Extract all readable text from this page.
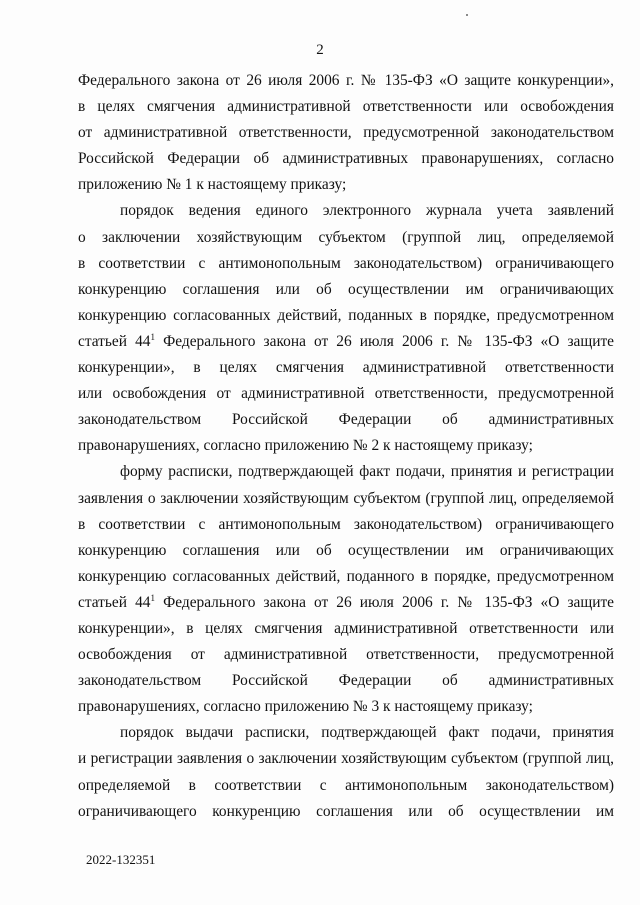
2
Федерального закона от 26 июля 2006 г. № 135-ФЗ «О защите конкуренции»,
в целях смягчения административной ответственности или освобождения
от административной ответственности, предусмотренной законодательством
Российской Федерации об административных правонарушениях, согласно
приложению № 1 к настоящему приказу;
порядок ведения единого электронного журнала учета заявлений
о заключении хозяйствующим субъектом (группой лиц, определяемой
в соответствии с антимонопольным законодательством) ограничивающего
конкуренцию соглашения или об осуществлении им ограничивающих
конкуренцию согласованных действий, поданных в порядке, предусмотренном
статьей $44^1$ Федерального закона от 26 июля 2006 г. № 135-ФЗ «О защите
конкуренции», в целях смягчения административной ответственности
или освобождения от административной ответственности, предусмотренной
законодательством Российской Федерации об административных
правонарушениях, согласно приложению № 2 к настоящему приказу;
форму расписки, подтверждающей факт подачи, принятия и регистрации
заявления о заключении хозяйствующим субъектом (группой лиц, определяемой
в соответствии с антимонопольным законодательством) ограничивающего
конкуренцию соглашения или об осуществлении им ограничивающих
конкуренцию согласованных действий, поданного в порядке, предусмотренном
статьей $44^1$ Федерального закона от 26 июля 2006 г. № 135-ФЗ «О защите
конкуренции», в целях смягчения административной ответственности или
освобождения от административной ответственности, предусмотренной
законодательством Российской Федерации об административных
правонарушениях, согласно приложению № 3 к настоящему приказу;
порядок выдачи расписки, подтверждающей факт подачи, принятия
и регистрации заявления о заключении хозяйствующим субъектом (группой лиц,
определяемой в соответствии с антимонопольным законодательством)
ограничивающего конкуренцию соглашения или об осуществлении им
2022-132351
